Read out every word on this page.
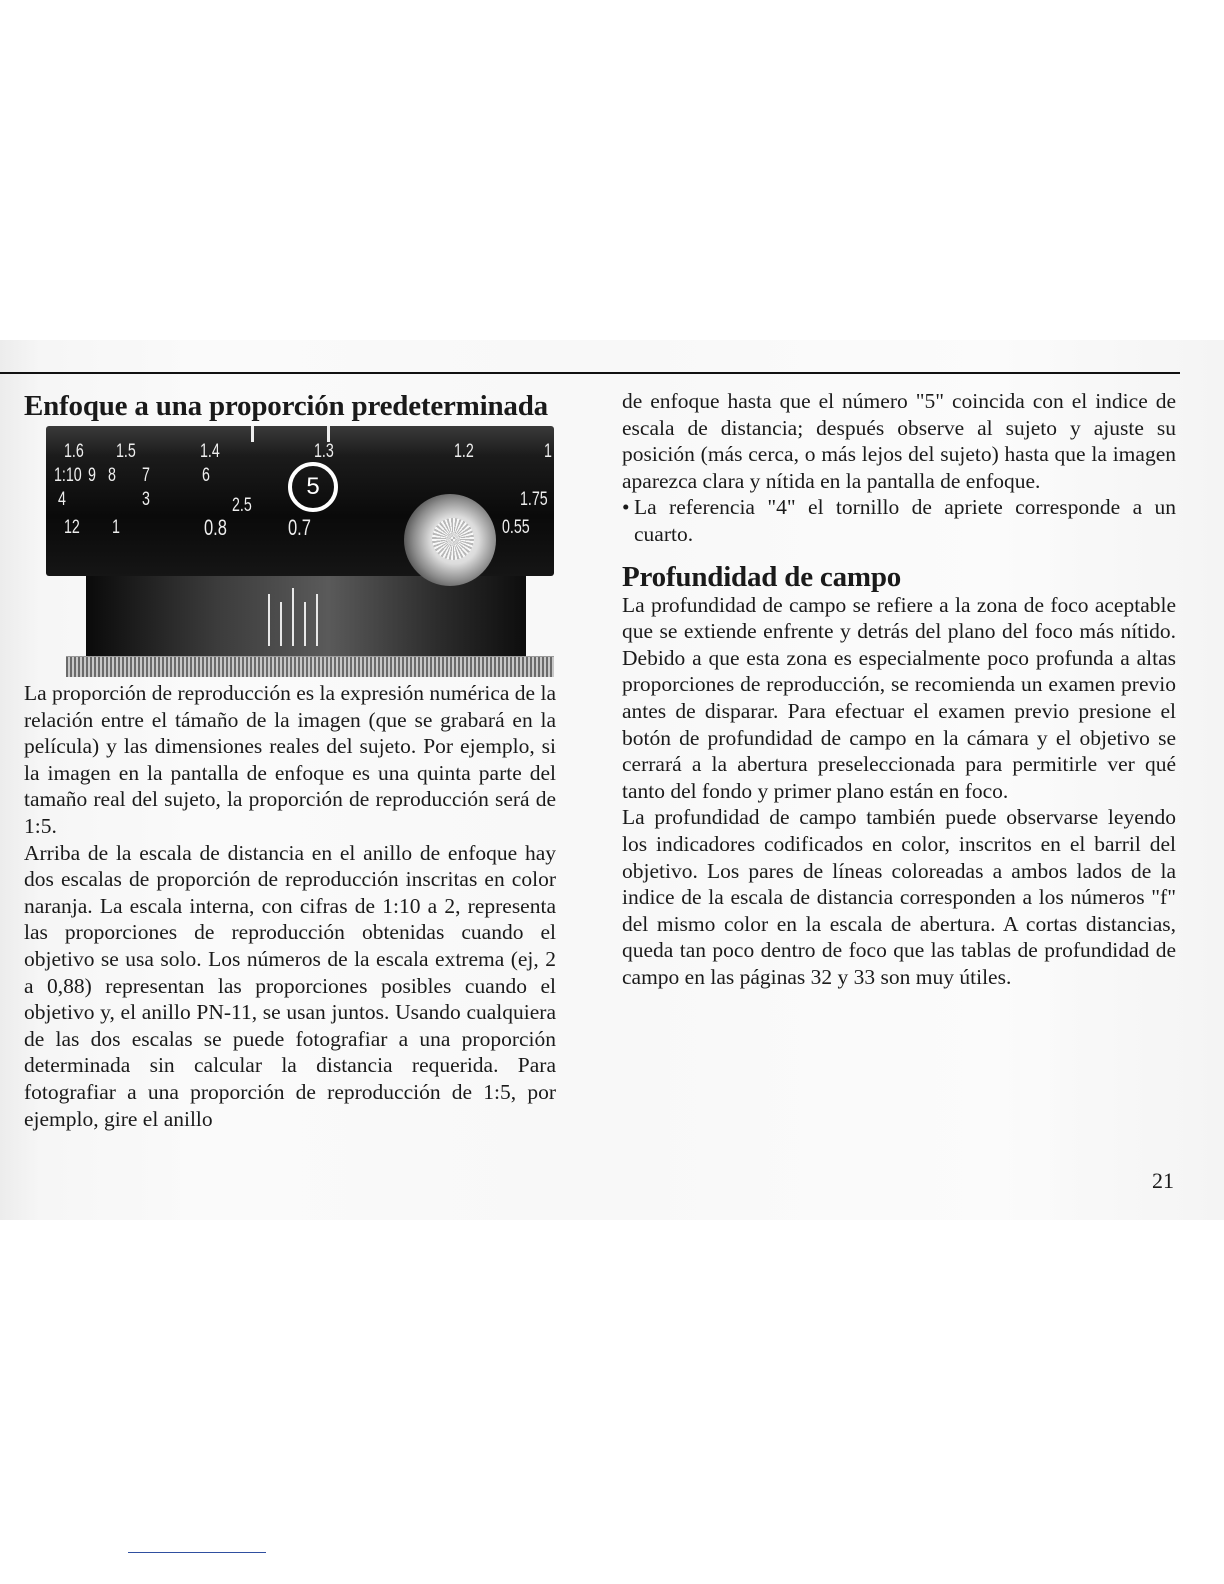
Enfoque a una proporción predeterminada
1.6 1.5	1.4	1.3	1.2	1
1:10 9 8 7	6
4	3	2.5	1.75
12 1	0.8	0.7	0.55
5

La proporción de reproducción es la expresión numérica de la relación entre el támaño de la imagen (que se grabará en la película) y las dimensiones reales del sujeto. Por ejemplo, si la imagen en la pantalla de enfoque es una quinta parte del tamaño real del sujeto, la proporción de reproducción será de 1:5.

Arriba de la escala de distancia en el anillo de enfoque hay dos escalas de proporción de reproducción inscritas en color naranja. La escala interna, con cifras de 1:10 a 2, representa las proporciones de reproducción obtenidas cuando el objetivo se usa solo. Los números de la escala extrema (ej, 2 a 0,88) representan las proporciones posibles cuando el objetivo y, el anillo PN-11, se usan juntos. Usando cualquiera de las dos escalas se puede fotografiar a una proporción determinada sin calcular la distancia requerida. Para fotografiar a una proporción de reproducción de 1:5, por ejemplo, gire el anillo

de enfoque hasta que el número "5" coincida con el indice de escala de distancia; después observe al sujeto y ajuste su posición (más cerca, o más lejos del sujeto) hasta que la imagen aparezca clara y nítida en la pantalla de enfoque.

• La referencia "4" el tornillo de apriete corresponde a un cuarto.
Profundidad de campo

La profundidad de campo se refiere a la zona de foco aceptable que se extiende enfrente y detrás del plano del foco más nítido. Debido a que esta zona es especialmente poco profunda a altas proporciones de reproducción, se recomienda un examen previo antes de disparar. Para efectuar el examen previo presione el botón de profundidad de campo en la cámara y el objetivo se cerrará a la abertura preseleccionada para permitirle ver qué tanto del fondo y primer plano están en foco.

La profundidad de campo también puede observarse leyendo los indicadores codificados en color, inscritos en el barril del objetivo. Los pares de líneas coloreadas a ambos lados de la indice de la escala de distancia corresponden a los números "f" del mismo color en la escala de abertura. A cortas distancias, queda tan poco dentro de foco que las tablas de profundidad de campo en las páginas 32 y 33 son muy útiles.

21
